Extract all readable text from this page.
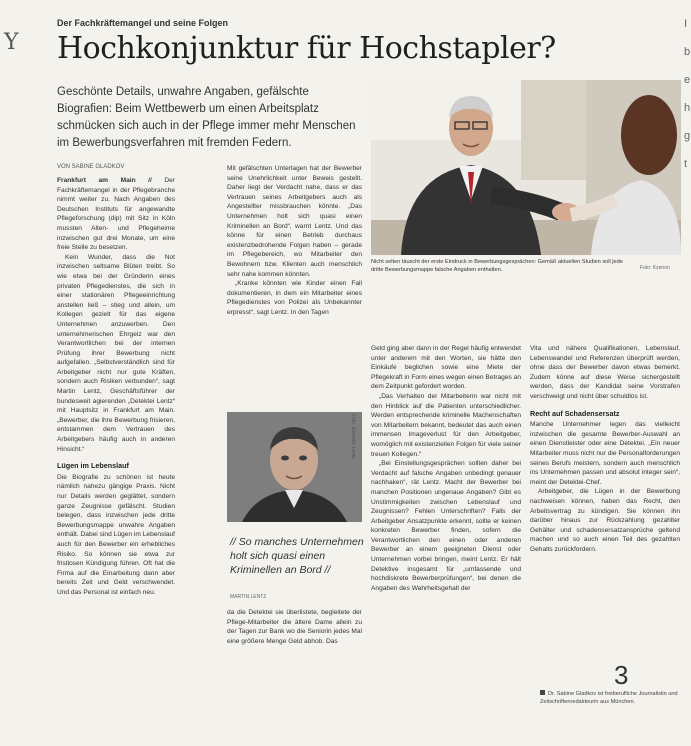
Y
Der Fachkräftemangel und seine Folgen
Hochkonjunktur für Hochstapler?
Geschönte Details, unwahre Angaben, gefälschte Biografien: Beim Wettbewerb um einen Arbeitsplatz schmücken sich auch in der Pflege immer mehr Menschen im Bewerbungsverfahren mit fremden Federn.
VON SABINE GLADKOV

Frankfurt am Main // Der Fachkräftemangel in der Pflegebranche nimmt weiter zu. Nach Angaben des Deutschen Instituts für angewandte Pflegeforschung (dip) mit Sitz in Köln mussten Alten- und Pflegeheime inzwischen gut drei Monate, um eine freie Stelle zu besetzen.

Kein Wunder, dass die Not inzwischen seltsame Blüten treibt. So wie etwa bei der Gründerin eines privaten Pflegedienstes, die sich in einer stationären Pflegeeinrichtung anstellen ließ – stieg und allein, um Kollegen gezielt für das eigene Unternehmen anzuwerben. Den unternehmerischen Ehrgeiz war den Verantwortlichen bei der internen Prüfung ihrer Bewerbung nicht aufgefallen. „Selbstverständlich sind für Arbeitgeber nicht nur gute Kräften, sondern auch Risiken verbunden“, sagt Martin Lentz, Geschäftsführer der bundesweit agierenden „Detektei Lentz“ mit Hauptsitz in Frankfurt am Main. „Bewerber, die ihre Bewerbung frisieren, entstammen dem Vertrauen des Arbeitgebers häufig auch in anderen Hinsicht.“

Lügen im Lebenslauf

Die Biografie zu schönen ist heute nämlich nahezu gängige Praxis. Nicht nur Details werden geglättet, sondern ganze Zeugnisse gefälscht. Studien belegen, dass inzwischen jede dritte Bewerbungsmappe unwahre Angaben enthält. Dabei sind Lügen im Lebenslauf auch für den Bewerber ein erhebliches Risiko. So können sie etwa zur fristlosen Kündigung führen. Oft hat die Firma auf die Einarbeitung dann aber bereits Zeit und Geld verschwendet. Und das Personal ist einfach neu.

Mit gefälschten Unterlagen hat der Bewerber seine Unehrlichkeit unter Beweis gestellt. Daher liegt der Verdacht nahe, dass er das Vertrauen seines Arbeitgebers auch als Angestellter missbrauchen könnte. „Das Unternehmen holt sich quasi einen Kriminellen an Bord“, warnt Lentz. Und das könne für einen Betrieb durchaus existenzbedrohende Folgen haben – gerade im Pflegebereich, wo Mitarbeiter den Bewohnern bzw. Klienten auch menschlich sehr nahe kommen könnten.

„Kranke könnten wie Kinder einen Fall dokumentieren, in dem ein Mitarbeiter eines Pflegedienstes von Polizei als Unbekannter erpresst“, sagt Lentz. In den Tagen

Foto: Detektei Lentz
// So manches Unternehmen holt sich quasi einen Kriminellen an Bord //
MARTIN LENTZ

da die Detektei sie überlistete, begleitete der Pflege-Mitarbeiter die ältere Dame allein zu der Tagen zur Bank wo die Seniorin jedes Mal eine größere Menge Geld abhob. Das

Nicht selten täuscht der erste Eindruck in Bewerbungsgesprächen: Gemäß aktuellen Studien soll jede dritte Bewerbungsmappe falsche Angaben enthalten.	Foto: Kzenon

Geld ging aber dann in der Regel häufig entwendet unter anderem mit den Worten, sie hätte den Einkäufe beglichen sowie eine Miete der Pflegekraft in Form eines wegen einen Betrages an dem Zeitpunkt gefordert worden.

„Das Verhalten der Mitarbeiterin war nicht mit den Hinblick auf die Patienten unterschiedlicher. Werden entsprechende kriminelle Machenschaften von Mitarbeitern bekannt, bedeutet das auch einen immensen Imageverlust für den Arbeitgeber, womöglich mit existenziellen Folgen für viele seiner treuen Kollegen.“

„Bei Einstellungsgesprächen sollten daher bei Verdacht auf falsche Angaben unbedingt genauer nachhaken“, rät Lentz. Macht der Bewerber bei manchen Positionen ungenaue Angaben? Gibt es Unstimmigkeiten zwischen Lebenslauf und Zeugnissen? Fehlen Unterschriften? Falls der Arbeitgeber Ansatzpunkte erkennt, sollte er keinen konkreten Bewerber finden, sofern die Verantwortlichen den einen oder anderen Bewerber an einem geeigneten Dienst oder Unternehmen vorbei bringen, meint Lentz. Er hält Detektive insgesamt für „umfassende und hochdiskrete Bewerberprüfungen“, bei denen die Angaben des Wahrheitsgehalt der

Vita und nähere Qualifikationen, Lebenslauf, Lebenswandel und Referenzen überprüft werden, ohne dass der Bewerber davon etwas bemerkt. Zudem könne auf diese Weise sichergestellt werden, dass der Kandidat seine Vorstrafen verschweigt und nicht über schuldlos ist.

Recht auf Schadensersatz

Manche Unternehmer legen das vielleicht inzwischen die gesamte Bewerber-Auswahl an einen Dienstleister oder eine Detektei. „Ein neuer Mitarbeiter muss nicht nur die Personalforderungen seines Berufs meistern, sondern auch menschlich ins Unternehmen passen und absolut integer sein“, meint der Detektei-Chef.

Arbeitgeber, die Lügen in der Bewerbung nachweisen können, haben das Recht, den Arbeitsvertrag zu kündigen. Sie können ihn darüber hinaus zur Rückzahlung gezahlter Gehälter und schadensersatzansprüche geltend machen und so auch einen Teil des gezahlten Gehalts zurückfordern.

3
Dr. Sabine Gladkov ist freiberufliche Journalistin und Zeitschriftenredakteurin aus München.
I
b
e
h
g
t
